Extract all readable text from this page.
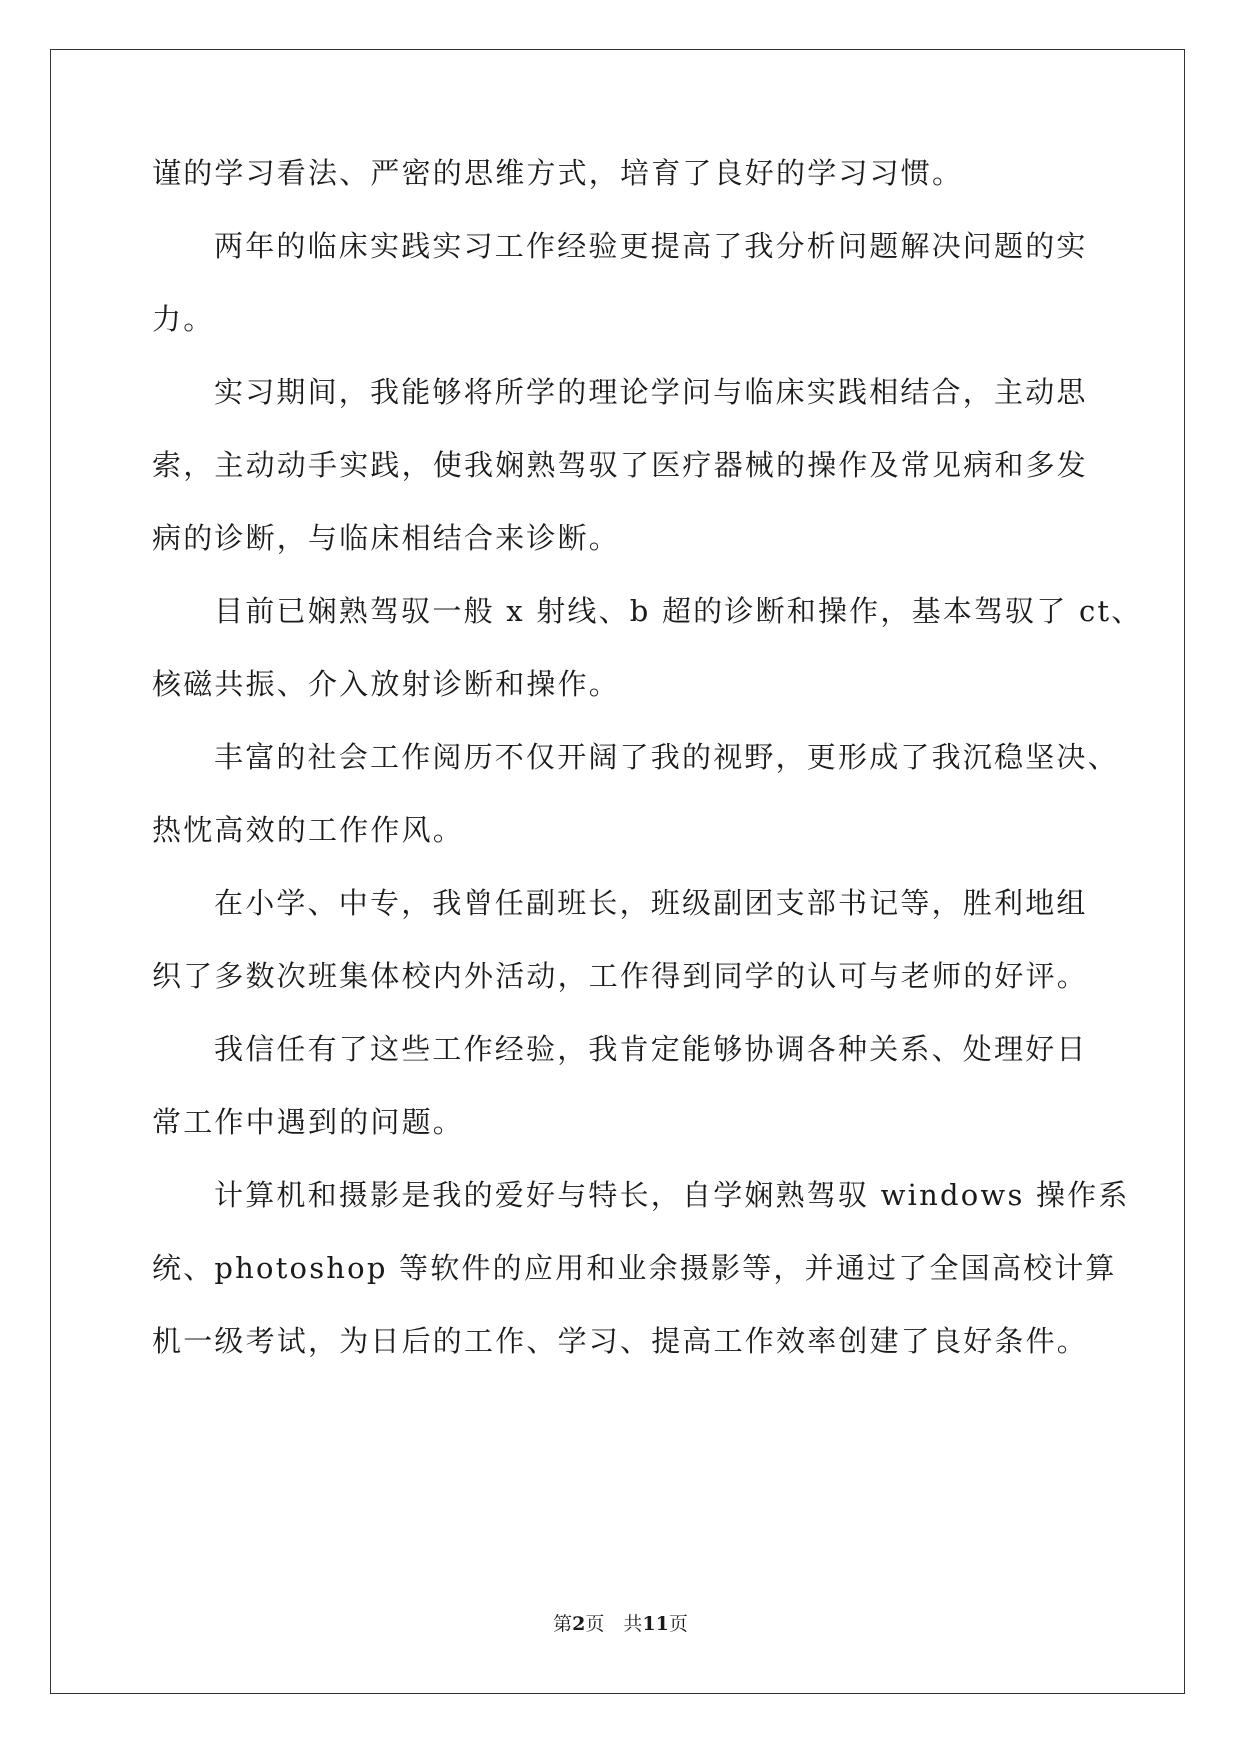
谨的学习看法、严密的思维方式，培育了良好的学习习惯。
两年的临床实践实习工作经验更提高了我分析问题解决问题的实
力。
实习期间，我能够将所学的理论学问与临床实践相结合，主动思
索，主动动手实践，使我娴熟驾驭了医疗器械的操作及常见病和多发
病的诊断，与临床相结合来诊断。
目前已娴熟驾驭一般 x 射线、b 超的诊断和操作，基本驾驭了 ct、
核磁共振、介入放射诊断和操作。
丰富的社会工作阅历不仅开阔了我的视野，更形成了我沉稳坚决、
热忱高效的工作作风。
在小学、中专，我曾任副班长，班级副团支部书记等，胜利地组
织了多数次班集体校内外活动，工作得到同学的认可与老师的好评。
我信任有了这些工作经验，我肯定能够协调各种关系、处理好日
常工作中遇到的问题。
计算机和摄影是我的爱好与特长，自学娴熟驾驭 windows 操作系
统、photoshop 等软件的应用和业余摄影等，并通过了全国高校计算
机一级考试，为日后的工作、学习、提高工作效率创建了良好条件。
第2页　共11页
